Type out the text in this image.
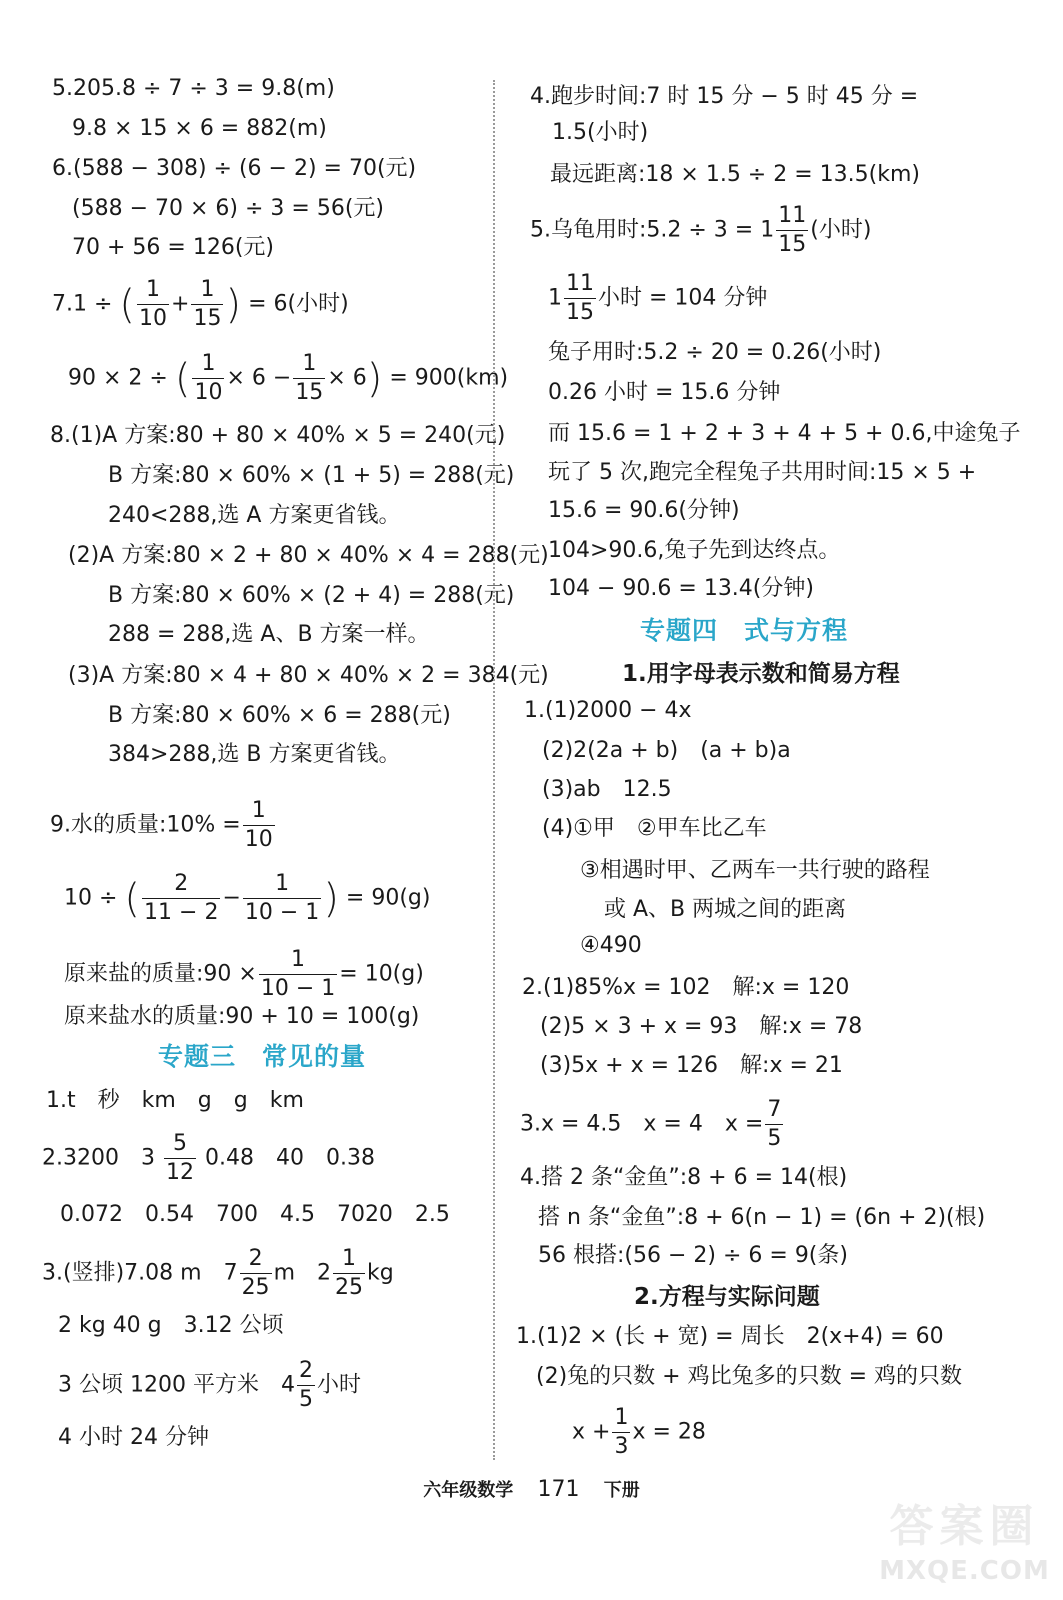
5.205.8 ÷ 7 ÷ 3 = 9.8(m)
9.8 × 15 × 6 = 882(m)
6.(588 − 308) ÷ (6 − 2) = 70(元)
(588 − 70 × 6) ÷ 3 = 56(元)
70 + 56 = 126(元)
7.1 ÷ ( $\frac{1}{10} + \frac{1}{15}$ ) = 6(小时)
90 × 2 ÷ ( $\frac{1}{10} \times 6 - \frac{1}{15} \times 6) = 900(km)$
8.(1)A 方案:80 + 80 × 40% × 5 = 240(元)
B 方案:80 × 60% × (1 + 5) = 288(元)
240<288,选 A 方案更省钱。
(2)A 方案:80 × 2 + 80 × 40% × 4 = 288(元)
B 方案:80 × 60% × (2 + 4) = 288(元)
288 = 288,选 A、B 方案一样。
(3)A 方案:80 × 4 + 80 × 40% × 2 = 384(元)
B 方案:80 × 60% × 6 = 288(元)
384>288,选 B 方案更省钱。
9.水的质量:10% = $\frac{1}{10}$
10 ÷ ( $\frac{2}{11 - 2} - \frac{1}{10 - 1}$ ) = 90(g)
原来盐的质量:90 × $\frac{1}{10 - 1} = 10(g)$
原来盐水的质量:90 + 10 = 100(g)
专题三　常见的量
1.t　秒　km　g　g　km
2.3200　$3 \frac{5}{12} 0.48$　40　0.38
0.072　0.54　700　4.5　7020　2.5
3.(竖排)7.08 m　$7 \frac{2}{25}$ m　$2 \frac{1}{25}$ kg
2 kg 40 g　3.12 公顷
3 公顷 1200 平方米　$4 \frac{2}{5}$ 小时
4 小时 24 分钟
4.跑步时间:7 时 15 分 − 5 时 45 分 =
1.5(小时)
最远距离:18 × 1.5 ÷ 2 = 13.5(km)
5.乌龟用时:5.2 ÷ $3 = 1 \frac{11}{15}$ (小时)
$1 \frac{11}{15}$ 小时 = 104 分钟
兔子用时:5.2 ÷ 20 = 0.26(小时)
0.26 小时 = 15.6 分钟
而 15.6 = 1 + 2 + 3 + 4 + 5 + 0.6,中途兔子
玩了 5 次,跑完全程兔子共用时间:15 × 5 +
15.6 = 90.6(分钟)
104>90.6,兔子先到达终点。
104 − 90.6 = 13.4(分钟)
专题四　式与方程
1.用字母表示数和简易方程
1.(1)2000 − 4x
(2)2(2a + b)　(a + b)a
(3)ab　12.5
(4)①甲　②甲车比乙车
③相遇时甲、乙两车一共行驶的路程
或 A、B 两城之间的距离
④490
2.(1)85%x = 102　解:x = 120
(2)5 × 3 + x = 93　解:x = 78
(3)5x + x = 126　解:x = 21
3.x = 4.5　x = 4　$x = \frac{7}{5}$
4.搭 2 条“金鱼”:8 + 6 = 14(根)
搭 n 条“金鱼”:8 + 6(n − 1) = (6n + 2)(根)
56 根搭:(56 − 2) ÷ 6 = 9(条)
2.方程与实际问题
1.(1)2 × (长 + 宽) = 周长　2(x+4) = 60
(2)兔的只数 + 鸡比兔多的只数 = 鸡的只数
$x + \frac{1}{3}$ x = 28
六年级数学 171 下册
答案圈
MXQE.COM
